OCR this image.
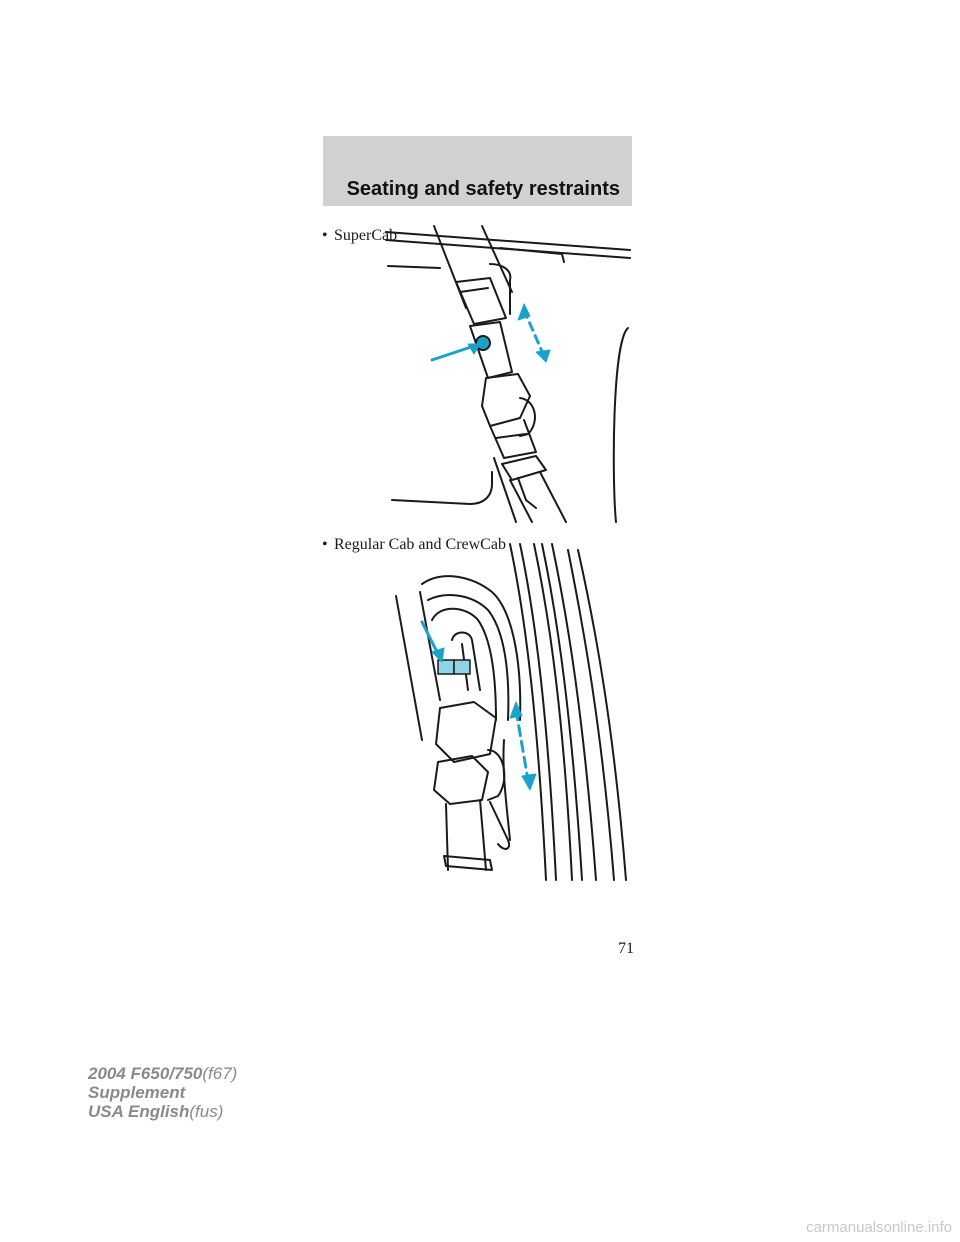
Seating and safety restraints
• SuperCab
• Regular Cab and CrewCab
71
2004 F650/750(f67)
Supplement
USA English(fus)
carmanualsonline.info
